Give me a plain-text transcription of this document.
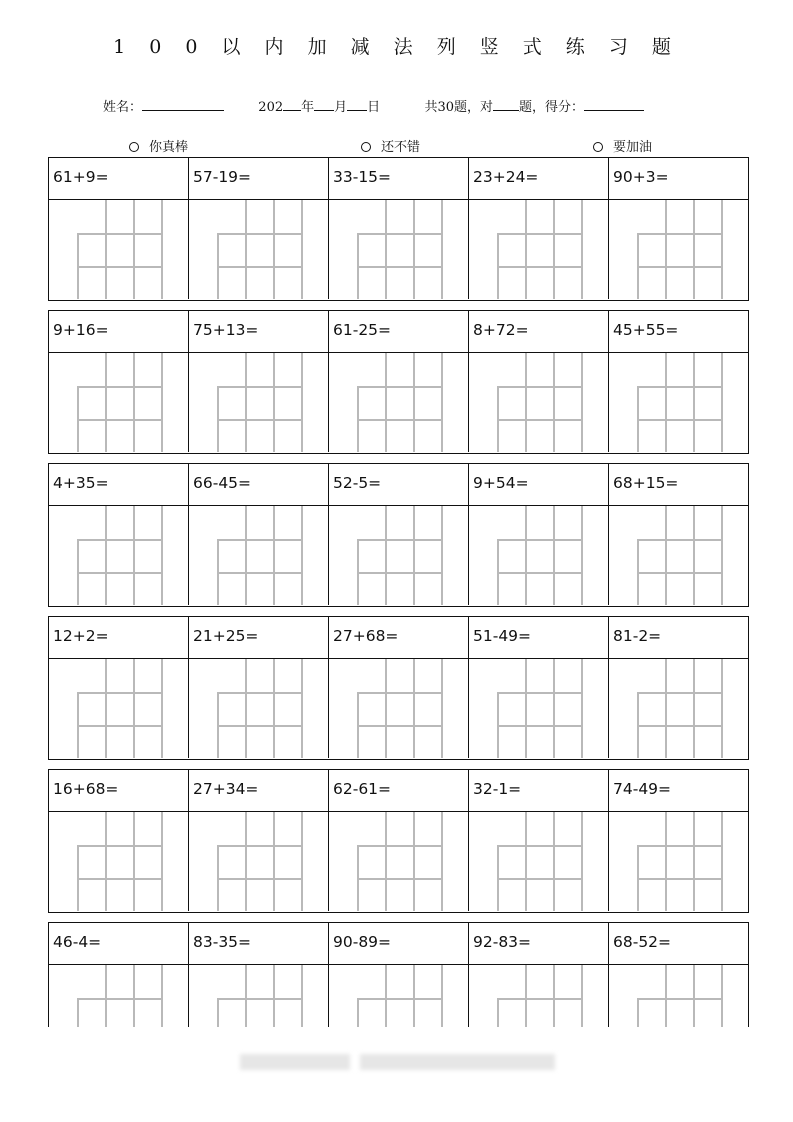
1 0 0 以 内 加 减 法 列 竖 式 练 习 题
姓名：	202 年 月 日	共30题，对 题，得分：
你真棒	还不错	要加油
61+9=	57-19=	33-15=	23+24=	90+3=
9+16=	75+13=	61-25=	8+72=	45+55=
4+35=	66-45=	52-5=	9+54=	68+15=
12+2=	21+25=	27+68=	51-49=	81-2=
16+68=	27+34=	62-61=	32-1=	74-49=
46-4=	83-35=	90-89=	92-83=	68-52=
